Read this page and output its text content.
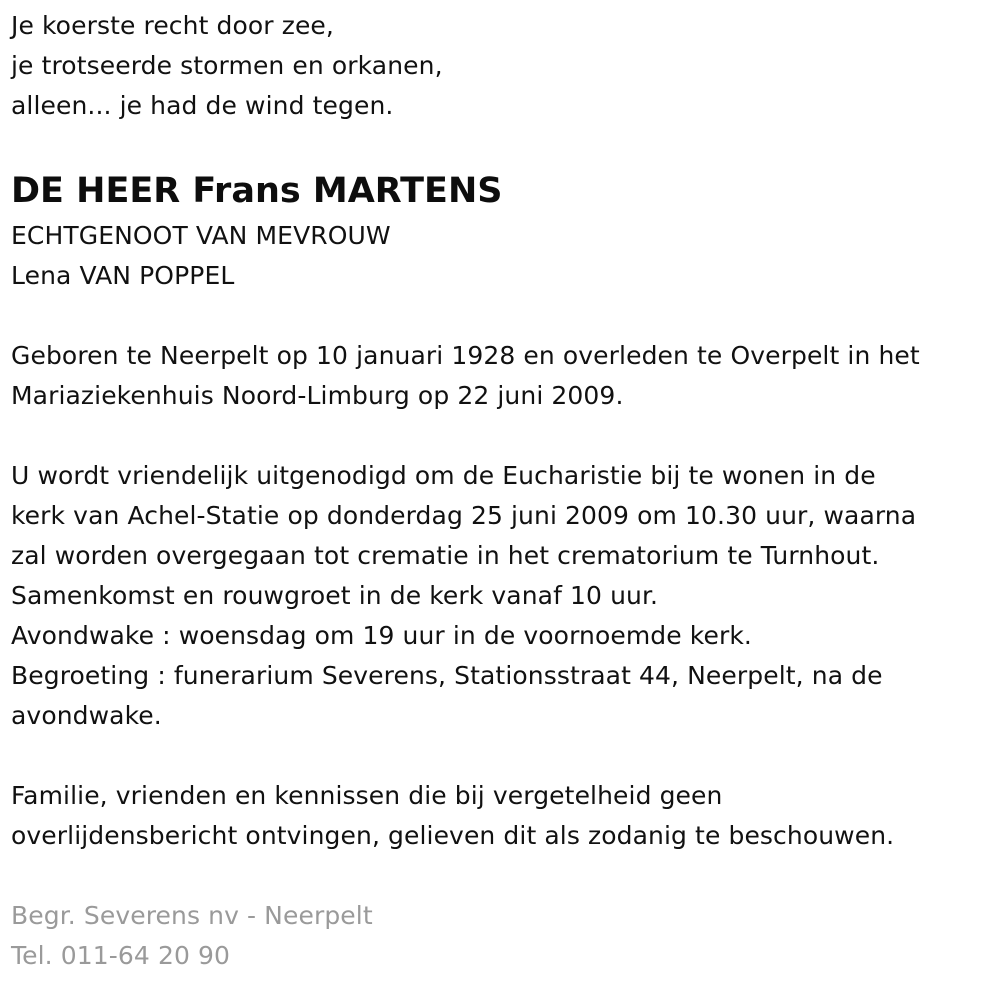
Je koerste recht door zee,
je trotseerde stormen en orkanen,
alleen... je had de wind tegen.
DE HEER Frans MARTENS
ECHTGENOOT VAN MEVROUW
Lena VAN POPPEL
Geboren te Neerpelt op 10 januari 1928 en overleden te Overpelt in het
Mariaziekenhuis Noord-Limburg op 22 juni 2009.
U wordt vriendelijk uitgenodigd om de Eucharistie bij te wonen in de
kerk van Achel-Statie op donderdag 25 juni 2009 om 10.30 uur, waarna
zal worden overgegaan tot crematie in het crematorium te Turnhout.
Samenkomst en rouwgroet in de kerk vanaf 10 uur.
Avondwake : woensdag om 19 uur in de voornoemde kerk.
Begroeting : funerarium Severens, Stationsstraat 44, Neerpelt, na de
avondwake.
Familie, vrienden en kennissen die bij vergetelheid geen
overlijdensbericht ontvingen, gelieven dit als zodanig te beschouwen.
Begr. Severens nv - Neerpelt
Tel. 011-64 20 90
